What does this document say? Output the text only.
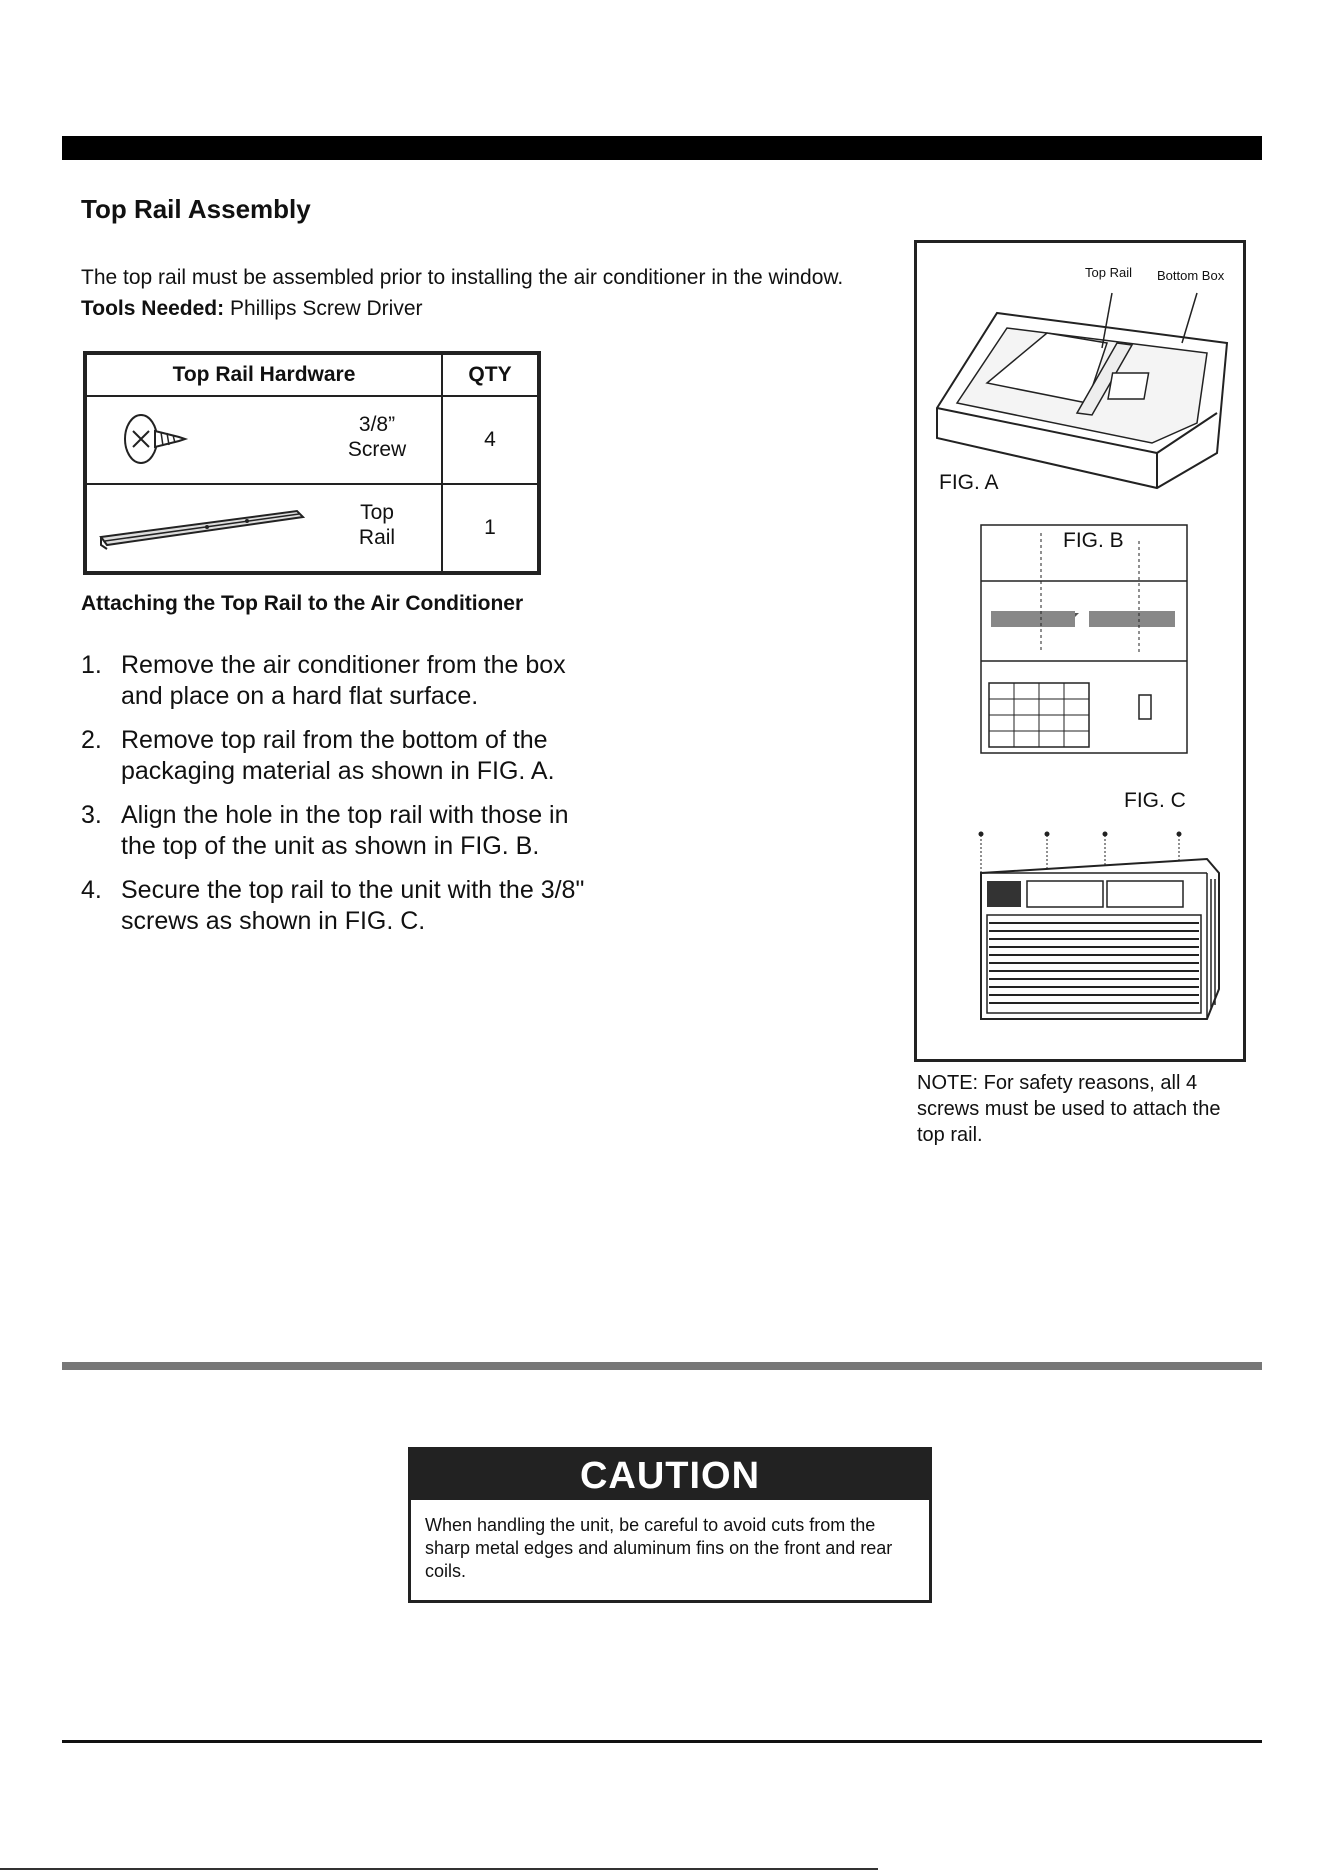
Top Rail Assembly
The top rail must be assembled prior to installing the air conditioner in the window.
Tools Needed: Phillips Screw Driver
Top Rail Hardware	QTY

3/8”
Screw	4

Top
Rail	1
Attaching the Top Rail to the Air Conditioner
1. Remove the air conditioner from the box
and place on a hard flat surface.
2. Remove top rail from the bottom of the
packaging material as shown in FIG. A.
3. Align the hole in the top rail with those in
the top of the unit as shown in FIG. B.
4. Secure the top rail to the unit with the 3/8"
screws as shown in FIG. C.
Top Rail Bottom Box
FIG. A
FIG. B
FIG. C
NOTE: For safety reasons, all 4 screws must be used to attach the top rail.
CAUTION
When handling the unit, be careful to avoid cuts from the sharp metal edges and aluminum fins on the front and rear coils.
